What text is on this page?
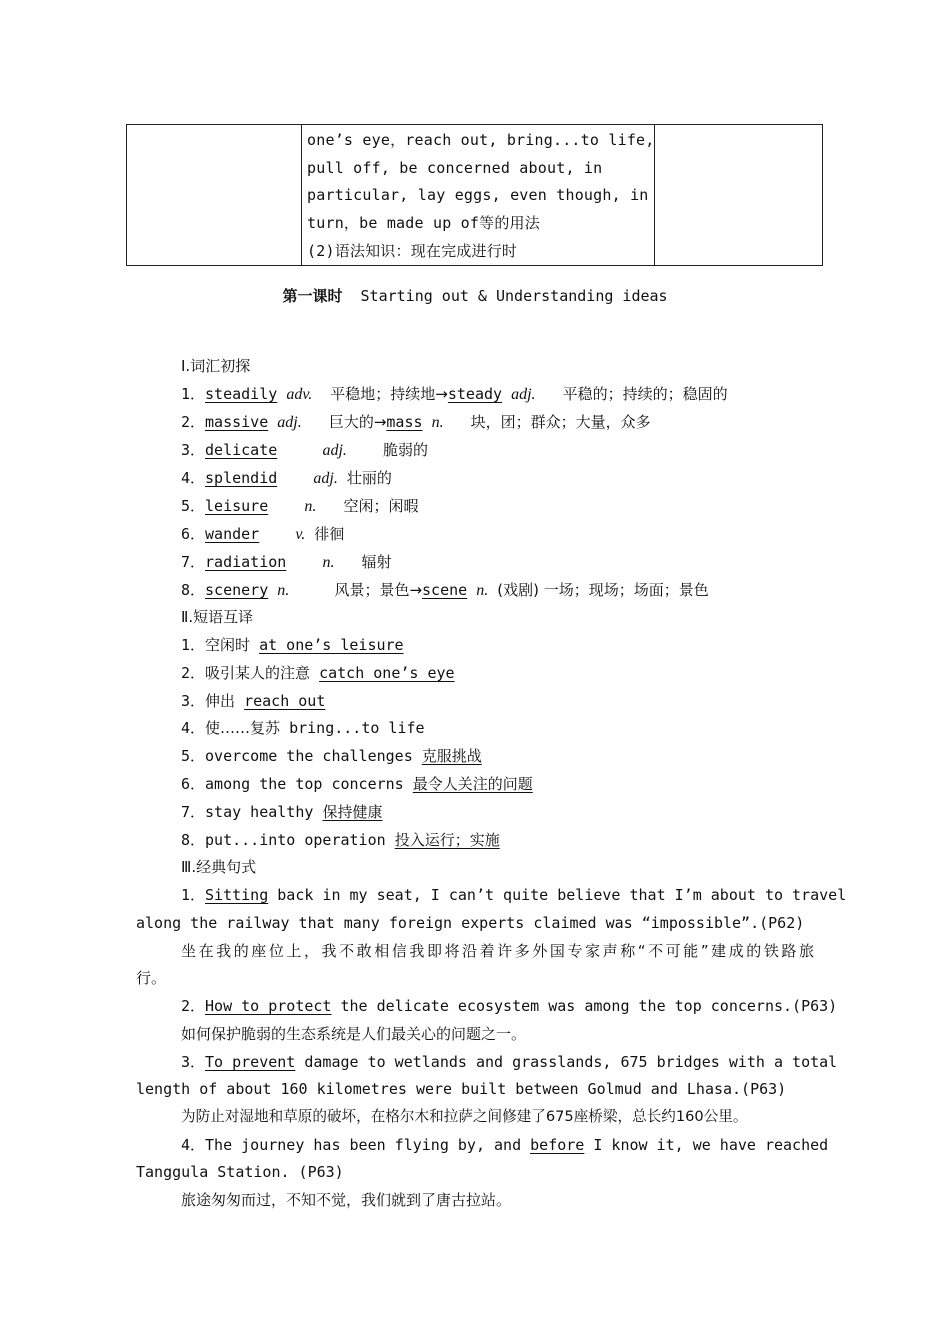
one’s eye，reach out, bring...to life,
pull off, be concerned about, in
particular, lay eggs, even though, in
turn，be made up of等的用法
(2)语法知识：现在完成进行时

第一课时 Starting out & Understanding ideas
Ⅰ.词汇初探
1．steadily adv. 平稳地；持续地→steady adj. 平稳的；持续的；稳固的
2．massive adj. 巨大的→mass n. 块，团；群众；大量，众多
3．delicate	adj. 脆弱的
4．splendid adj. 壮丽的
5．leisure n. 空闲；闲暇
6．wander v. 徘徊
7．radiation n. 辐射
8．scenery n.	风景；景色→scene n. (戏剧) 一场；现场；场面；景色
Ⅱ.短语互译
1．空闲时 at one’s leisure
2．吸引某人的注意 catch one’s eye
3．伸出 reach out
4．使……复苏 bring...to life
5．overcome the challenges 克服挑战
6．among the top concerns 最令人关注的问题
7．stay healthy 保持健康
8．put...into operation 投入运行；实施
Ⅲ.经典句式
1．Sitting back in my seat, I can’t quite believe that I’m about to travel
along the railway that many foreign experts claimed was “impossible”.(P62)
坐在我的座位上，我不敢相信我即将沿着许多外国专家声称“不可能”建成的铁路旅
行。
2．How to protect the delicate ecosystem was among the top concerns.(P63)
如何保护脆弱的生态系统是人们最关心的问题之一。
3．To prevent damage to wetlands and grasslands, 675 bridges with a total
length of about 160 kilometres were built between Golmud and Lhasa.(P63)
为防止对湿地和草原的破坏，在格尔木和拉萨之间修建了675座桥梁，总长约160公里。
4．The journey has been flying by, and before I know it, we have reached
Tanggula Station. (P63)
旅途匆匆而过，不知不觉，我们就到了唐古拉站。
